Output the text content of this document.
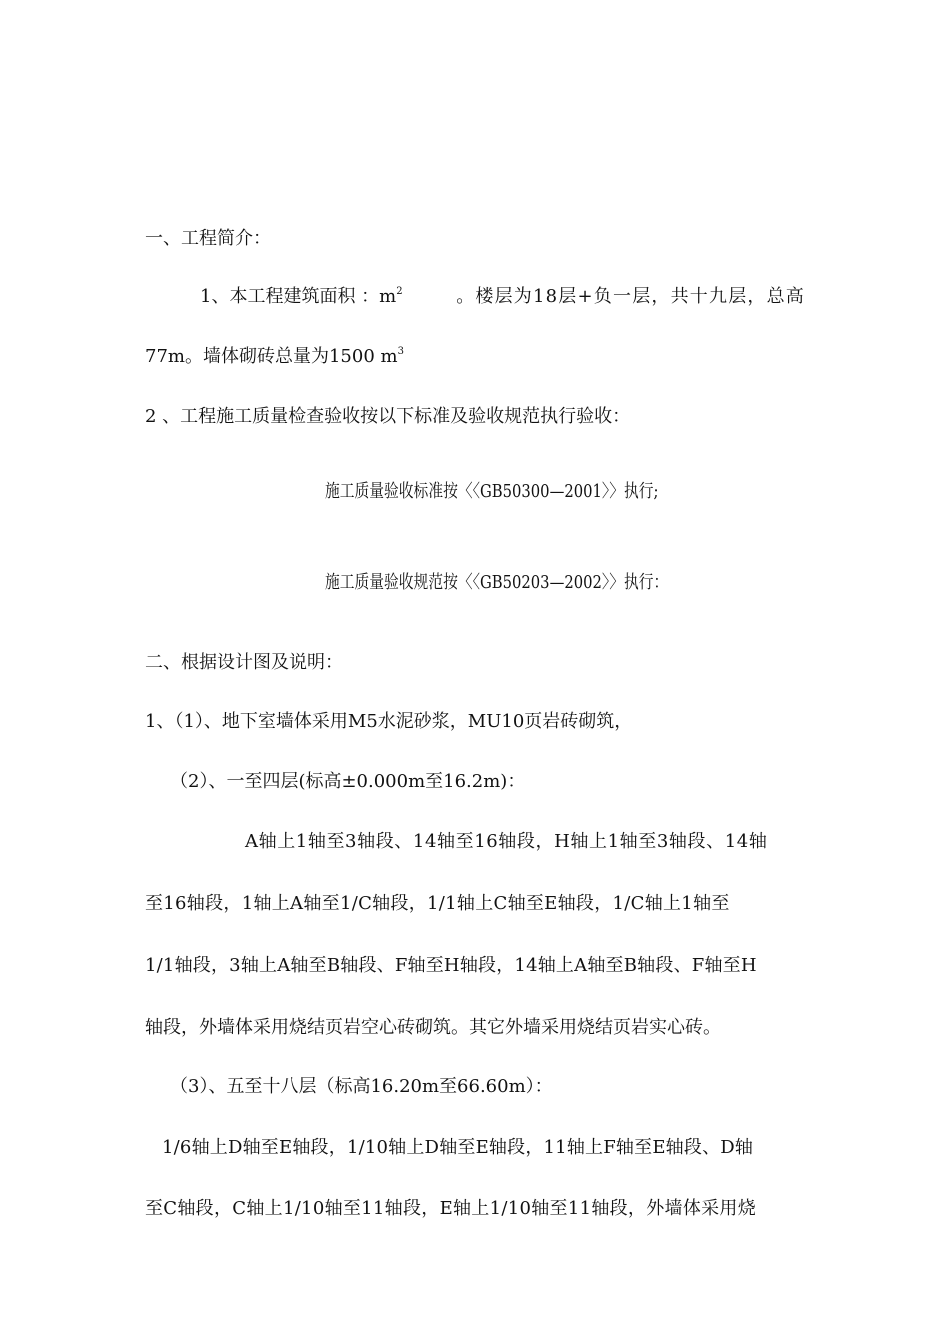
一、工程简介：
1、本工程建筑面积 ：$m^2$	。楼层为18层+负一层，共十九层，总高
77m。墙体砌砖总量为1500 $m^3$
2 、工程施工质量检查验收按以下标准及验收规范执行验收：
施工质量验收标准按〈〈GB50300—2001〉〉执行;
施工质量验收规范按〈〈GB50203—2002〉〉执行：
二、根据设计图及说明：
1、（1）、地下室墙体采用M5水泥砂浆，MU10页岩砖砌筑，
（2）、一至四层(标高±0.000m至16.2m)：
A轴上1轴至3轴段、14轴至16轴段，H轴上1轴至3轴段、14轴
至16轴段，1轴上A轴至1/C轴段，1/1轴上C轴至E轴段，1/C轴上1轴至
1/1轴段，3轴上A轴至B轴段、F轴至H轴段，14轴上A轴至B轴段、F轴至H
轴段，外墙体采用烧结页岩空心砖砌筑。其它外墙采用烧结页岩实心砖。
（3）、五至十八层（标高16.20m至66.60m）：
1/6轴上D轴至E轴段，1/10轴上D轴至E轴段，11轴上F轴至E轴段、D轴
至C轴段，C轴上1/10轴至11轴段，E轴上1/10轴至11轴段，外墙体采用烧
